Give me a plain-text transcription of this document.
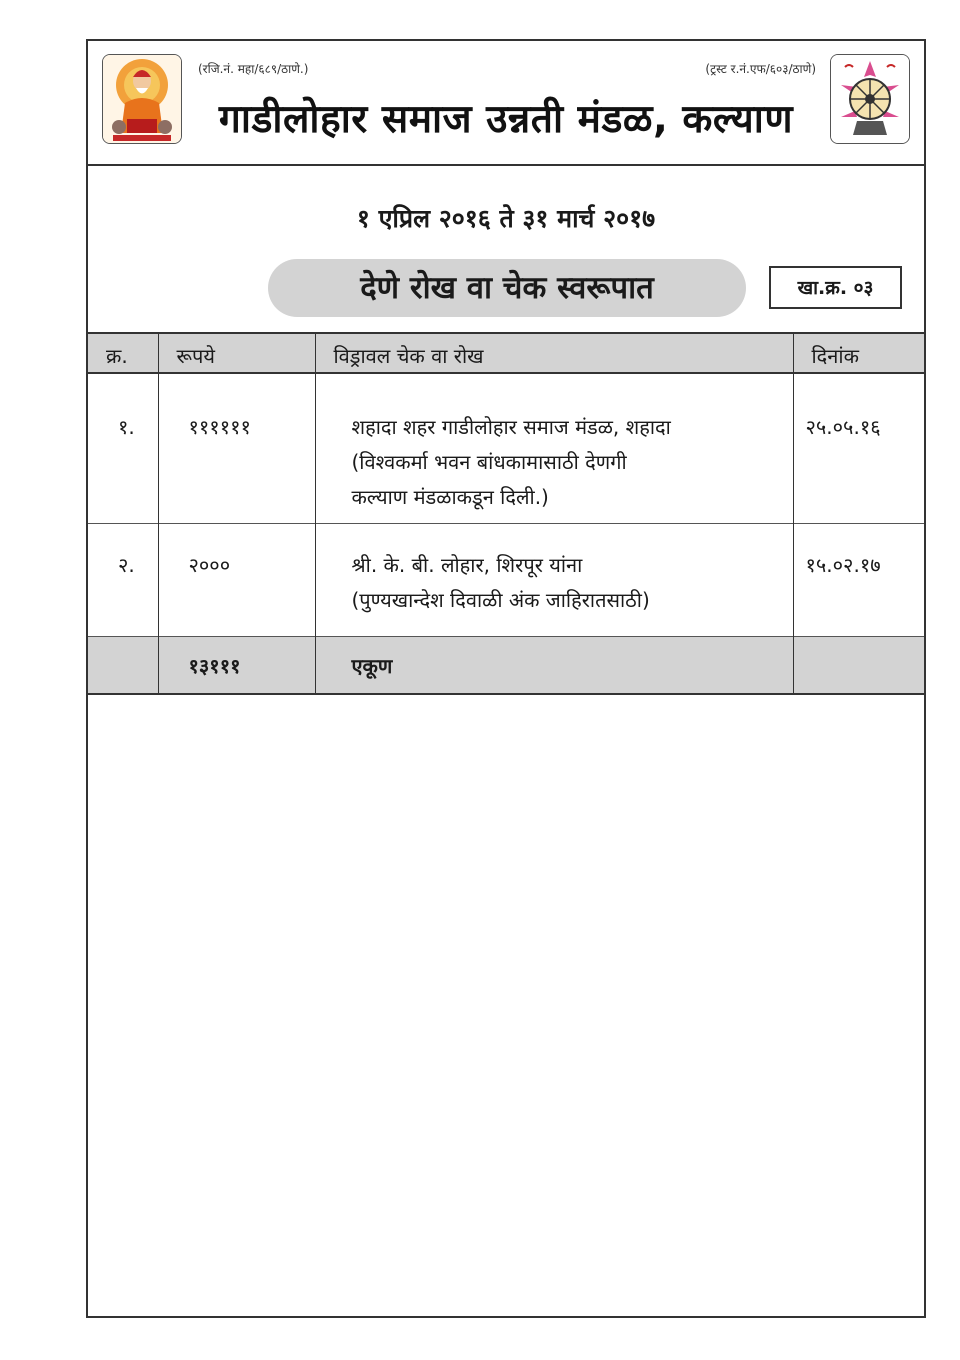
(रजि.नं. महा/६८९/ठाणे.)	(ट्रस्ट र.नं.एफ/६०३/ठाणे)
गाडीलोहार समाज उन्नती मंडळ, कल्याण
१ एप्रिल २०१६ ते ३१ मार्च २०१७
देणे रोख वा चेक स्वरूपात	खा.क्र. ०३
क्र.	रूपये	विड्रावल चेक वा रोख	दिनांक
१.	११११११	शहादा शहर गाडीलोहार समाज मंडळ, शहादा
(विश्वकर्मा भवन बांधकामासाठी देणगी
कल्याण मंडळाकडून दिली.)	२५.०५.१६
२.	२०००	श्री. के. बी. लोहार, शिरपूर यांना
(पुण्यखान्देश दिवाळी अंक जाहिरातसाठी)	१५.०२.१७
	१३१११	एकूण	
